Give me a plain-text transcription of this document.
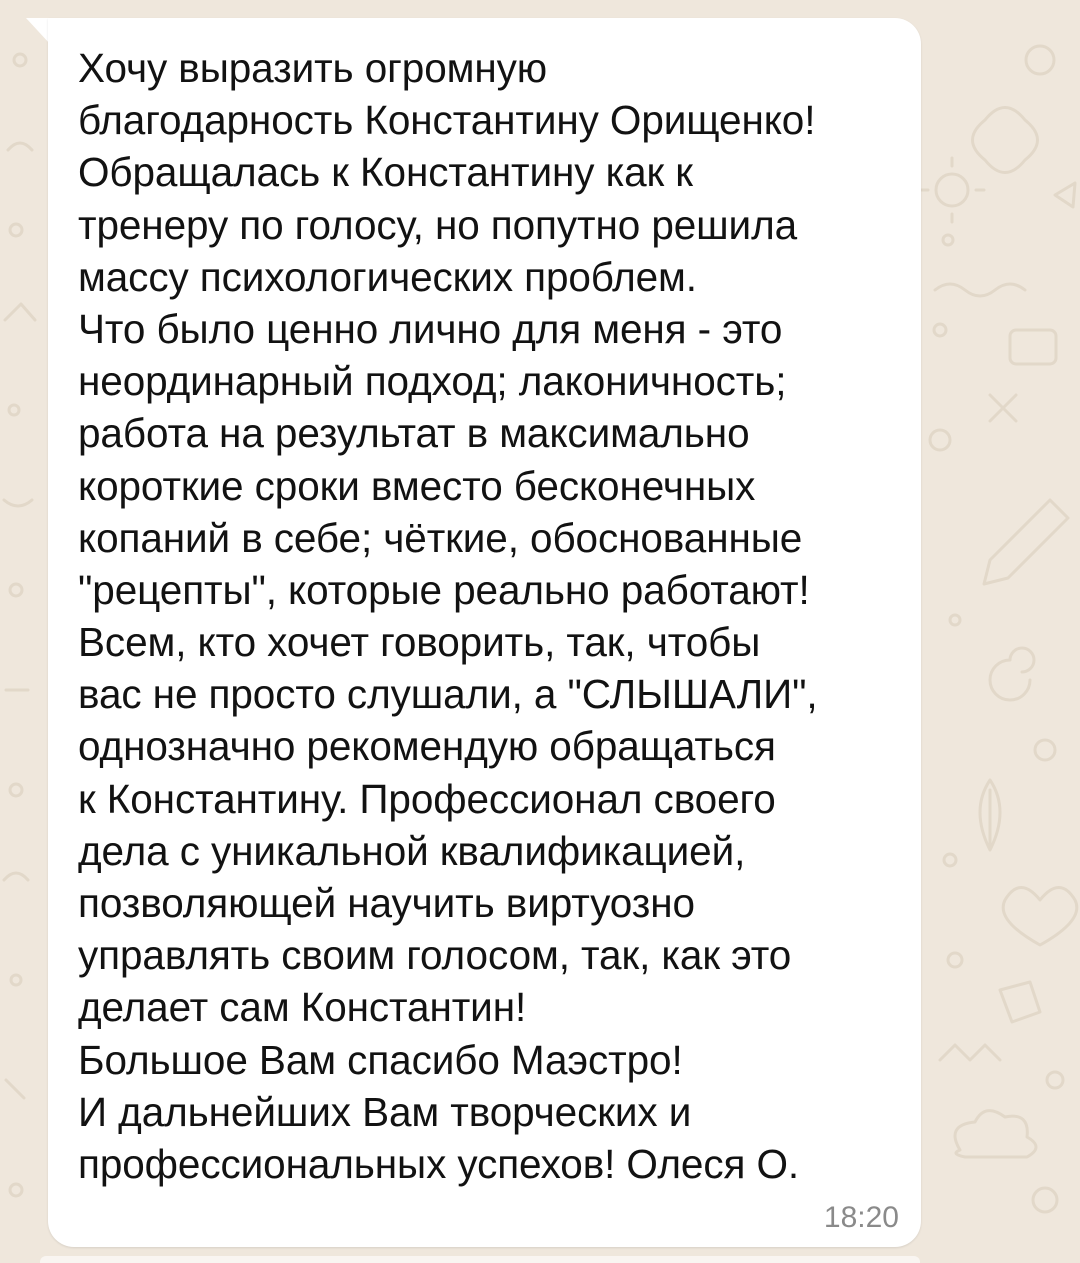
Хочу выразить огромную
благодарность Константину Орищенко!
Обращалась к Константину как к
тренеру по голосу, но попутно решила
массу психологических проблем.
Что было ценно лично для меня - это
неординарный подход; лаконичность;
работа на результат в максимально
короткие сроки вместо бесконечных
копаний в себе; чёткие, обоснованные
"рецепты", которые реально работают!
Всем, кто хочет говорить, так, чтобы
вас не просто слушали, а "СЛЫШАЛИ",
однозначно рекомендую обращаться
к Константину. Профессионал своего
дела с уникальной квалификацией,
позволяющей научить виртуозно
управлять своим голосом, так, как это
делает сам Константин!
Большое Вам спасибо Маэстро!
И дальнейших Вам творческих и
профессиональных успехов! Олеся О.
18:20
